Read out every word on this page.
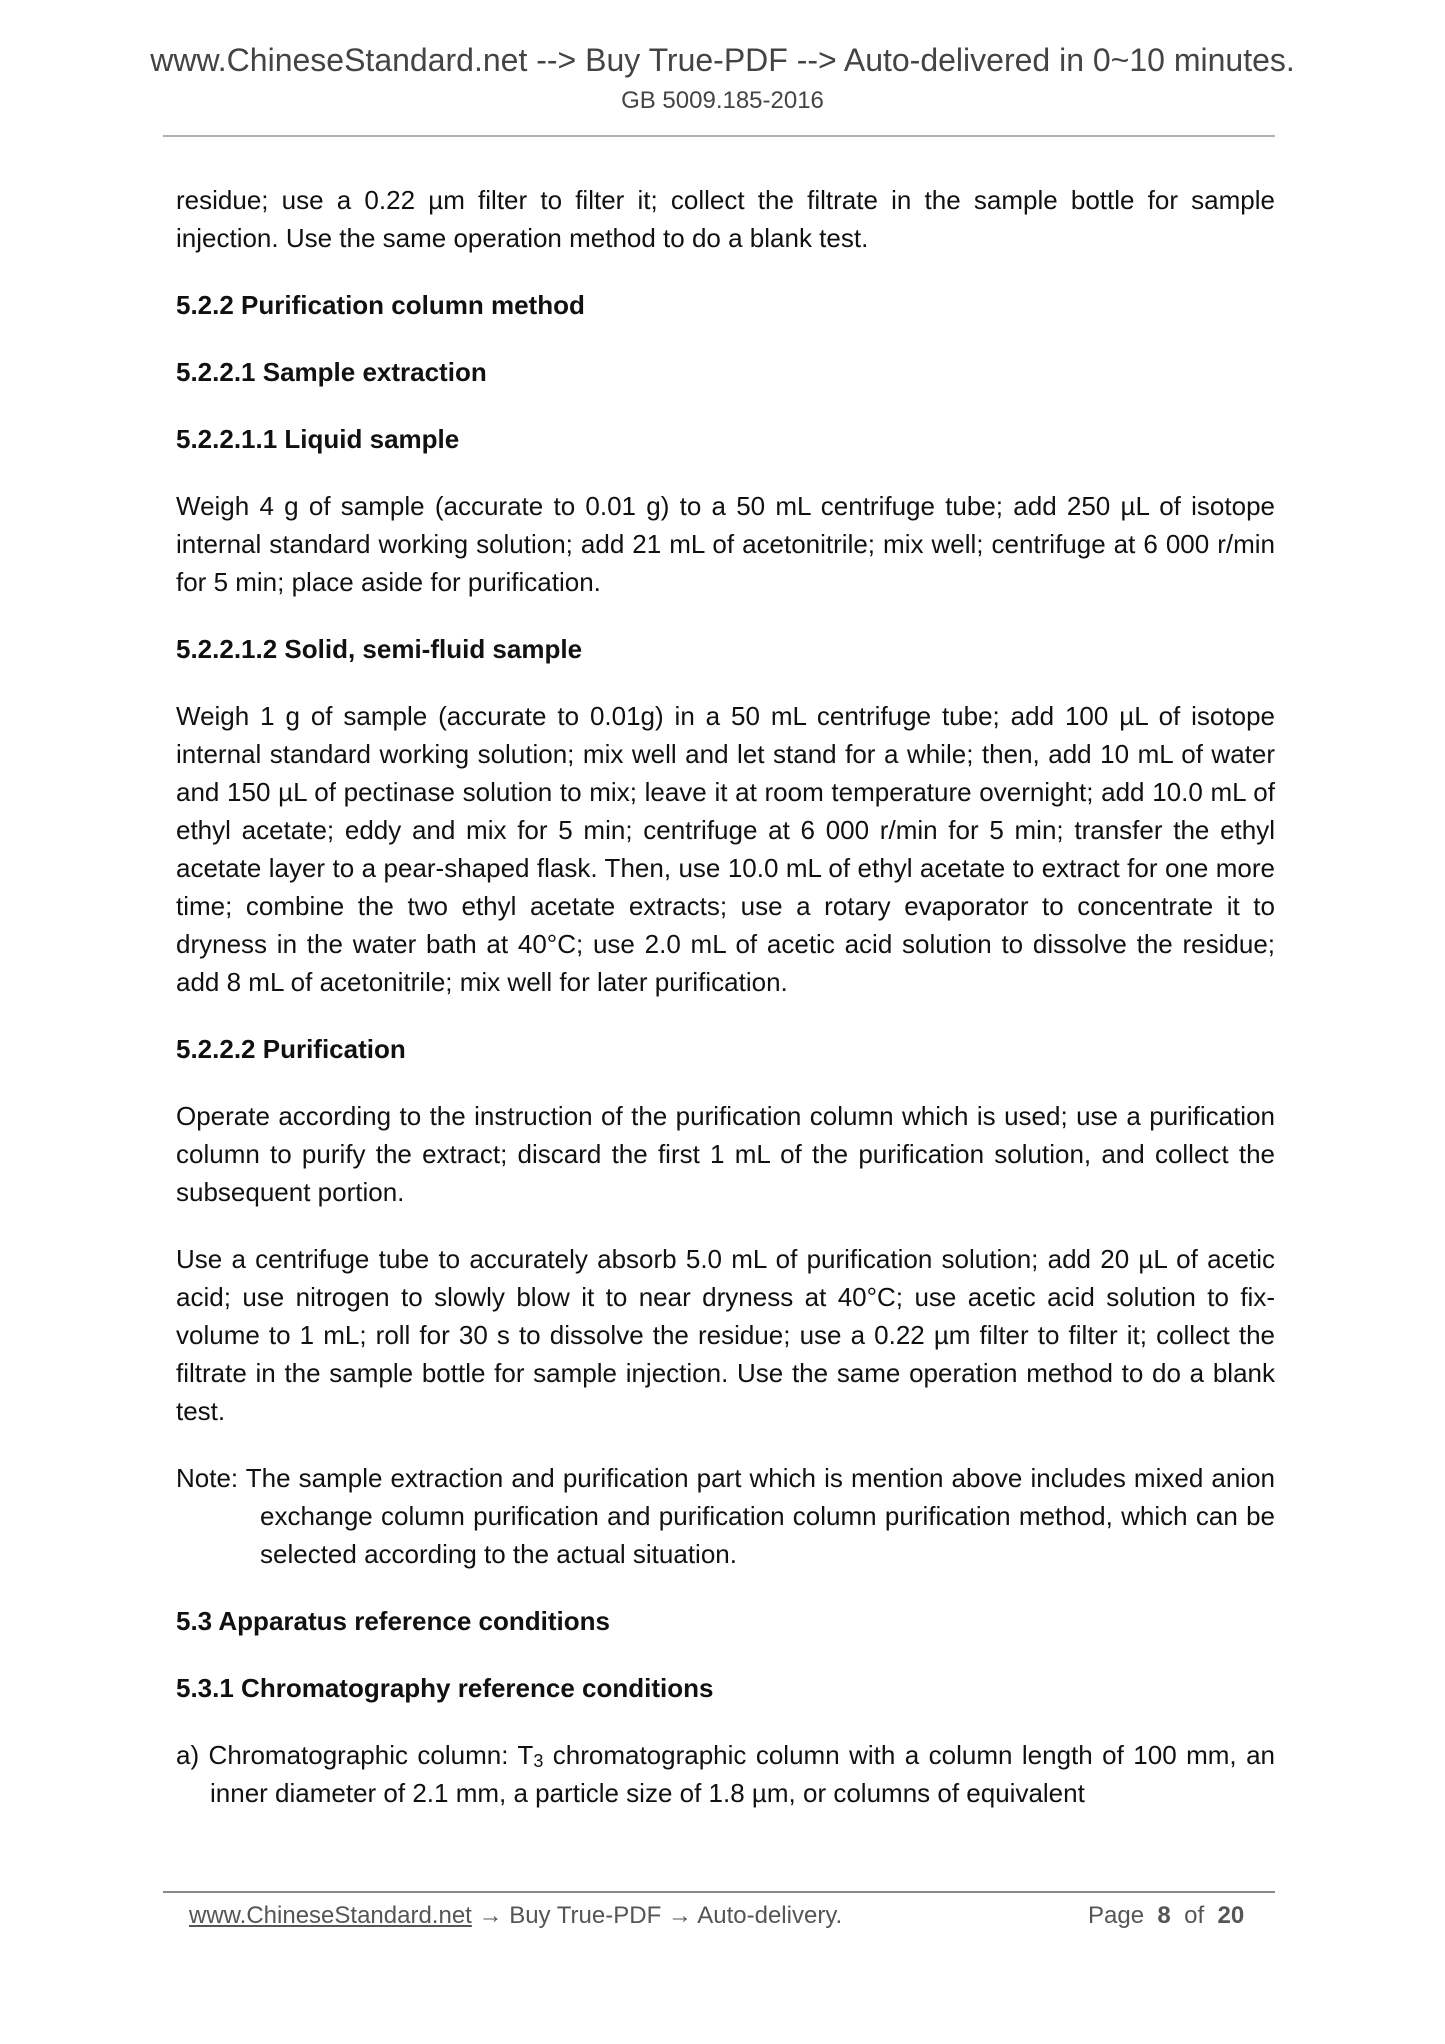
www.ChineseStandard.net --> Buy True-PDF --> Auto-delivered in 0~10 minutes.
GB 5009.185-2016

residue; use a 0.22 µm filter to filter it; collect the filtrate in the sample bottle for sample injection. Use the same operation method to do a blank test.

5.2.2 Purification column method
5.2.2.1 Sample extraction
5.2.2.1.1 Liquid sample

Weigh 4 g of sample (accurate to 0.01 g) to a 50 mL centrifuge tube; add 250 µL of isotope internal standard working solution; add 21 mL of acetonitrile; mix well; centrifuge at 6 000 r/min for 5 min; place aside for purification.

5.2.2.1.2 Solid, semi-fluid sample

Weigh 1 g of sample (accurate to 0.01g) in a 50 mL centrifuge tube; add 100 µL of isotope internal standard working solution; mix well and let stand for a while; then, add 10 mL of water and 150 µL of pectinase solution to mix; leave it at room temperature overnight; add 10.0 mL of ethyl acetate; eddy and mix for 5 min; centrifuge at 6 000 r/min for 5 min; transfer the ethyl acetate layer to a pear-shaped flask. Then, use 10.0 mL of ethyl acetate to extract for one more time; combine the two ethyl acetate extracts; use a rotary evaporator to concentrate it to dryness in the water bath at 40°C; use 2.0 mL of acetic acid solution to dissolve the residue; add 8 mL of acetonitrile; mix well for later purification.

5.2.2.2 Purification

Operate according to the instruction of the purification column which is used; use a purification column to purify the extract; discard the first 1 mL of the purification solution, and collect the subsequent portion.

Use a centrifuge tube to accurately absorb 5.0 mL of purification solution; add 20 µL of acetic acid; use nitrogen to slowly blow it to near dryness at 40°C; use acetic acid solution to fix-volume to 1 mL; roll for 30 s to dissolve the residue; use a 0.22 µm filter to filter it; collect the filtrate in the sample bottle for sample injection. Use the same operation method to do a blank test.

Note: The sample extraction and purification part which is mention above includes mixed anion exchange column purification and purification column purification method, which can be selected according to the actual situation.

5.3 Apparatus reference conditions
5.3.1 Chromatography reference conditions

a) Chromatographic column: $T_3$ chromatographic column with a column length of 100 mm, an inner diameter of 2.1 mm, a particle size of 1.8 µm, or columns of equivalent

www.ChineseStandard.net → Buy True-PDF → Auto-delivery.	Page 8 of 20
